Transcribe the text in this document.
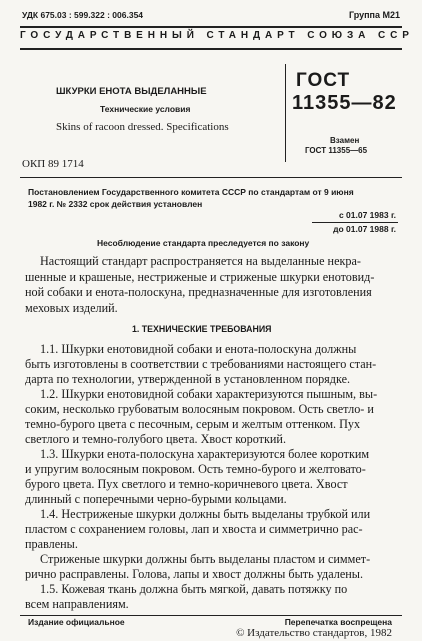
УДК 675.03 : 599.322 : 006.354	Группа М21
ГОСУДАРСТВЕННЫЙ СТАНДАРТ СОЮЗА ССР
ШКУРКИ ЕНОТА ВЫДЕЛАННЫЕ
Технические условия
Skins of racoon dressed. Specifications
ГОСТ
11355—82
Взамен
ГОСТ 11355—65
ОКП 89 1714
Постановлением Государственного комитета СССР по стандартам от 9 июня
1982 г. № 2332 срок действия установлен
с 01.07 1983 г.
до 01.07 1988 г.
Несоблюдение стандарта преследуется по закону
Настоящий стандарт распространяется на выделанные некра-
шенные и крашеные, нестриженые и стриженые шкурки енотовид-
ной собаки и енота-полоскуна, предназначенные для изготовления
меховых изделий.
1. ТЕХНИЧЕСКИЕ ТРЕБОВАНИЯ
1.1. Шкурки енотовидной собаки и енота-полоскуна должны
быть изготовлены в соответствии с требованиями настоящего стан-
дарта по технологии, утвержденной в установленном порядке.
1.2. Шкурки енотовидной собаки характеризуются пышным, вы-
соким, несколько грубоватым волосяным покровом. Ость светло- и
темно-бурого цвета с песочным, серым и желтым оттенком. Пух
светлого и темно-голубого цвета. Хвост короткий.
1.3. Шкурки енота-полоскуна характеризуются более коротким
и упругим волосяным покровом. Ость темно-бурого и желтовато-
бурого цвета. Пух светлого и темно-коричневого цвета. Хвост
длинный с поперечными черно-бурыми кольцами.
1.4. Нестриженые шкурки должны быть выделаны трубкой или
пластом с сохранением головы, лап и хвоста и симметрично рас-
правлены.
Стриженые шкурки должны быть выделаны пластом и симмет-
рично расправлены. Голова, лапы и хвост должны быть удалены.
1.5. Кожевая ткань должна быть мягкой, давать потяжку по
всем направлениям.
Издание официальное	Перепечатка воспрещена
© Издательство стандартов, 1982
